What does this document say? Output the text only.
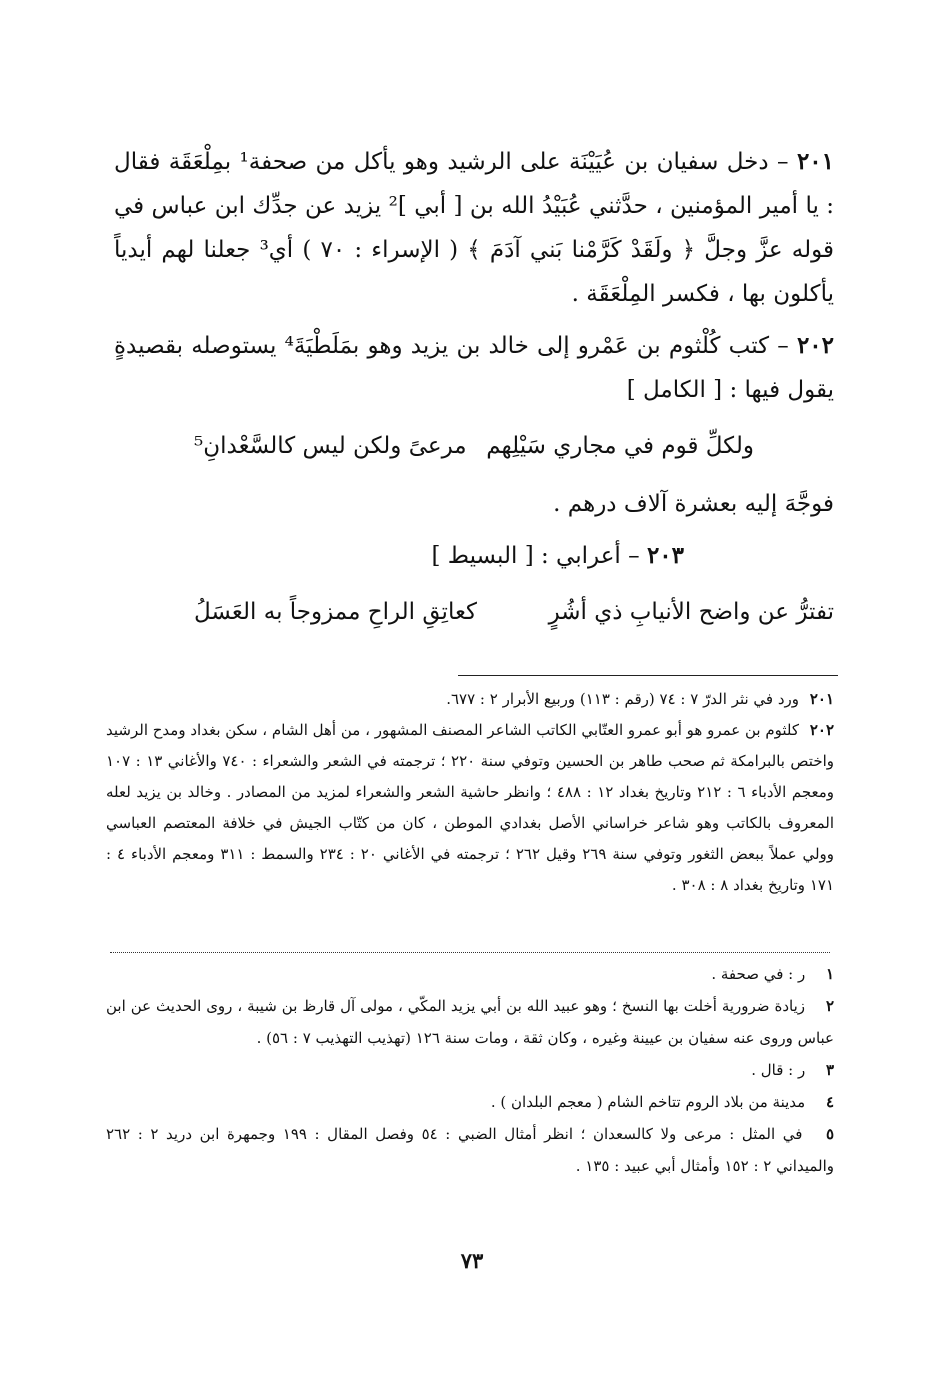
٢٠١ – دخل سفيان بن عُيَيْنَة على الرشيد وهو يأكل من صحفة¹ بمِلْعَقَة فقال : يا أمير المؤمنين ، حدَّثني عُبَيْدُ الله بن [ أبي ]² يزيد عن جدِّك ابن عباس في قوله عزَّ وجلَّ ﴿ ولَقَدْ كَرَّمْنا بَني آدَمَ ﴾ ( الإسراء : ٧٠ ) أي³ جعلنا لهم أيدياً يأكلون بها ، فكسر المِلْعَقَة .

٢٠٢ – كتب كُلْثوم بن عَمْرو إلى خالد بن يزيد وهو بمَلَطْيَةَ⁴ يستوصله بقصيدةٍ يقول فيها : [ الكامل ]

ولكلِّ قوم في مجاري سَيْلِهم
مرعىً ولكن ليس كالسَّعْدانِ⁵

فوجَّهَ إليه بعشرة آلاف درهم .

٢٠٣ – أعرابي : [ البسيط ]

تفترُّ عن واضح الأنيابِ ذي أشُرٍ
كعاتِقِ الراحِ ممزوجاً به العَسَلُ

٢٠١ ورد في نثر الدرّ ٧ : ٧٤ (رقم : ١١٣) وربيع الأبرار ٢ : ٦٧٧.

٢٠٢ كلثوم بن عمرو هو أبو عمرو العتّابي الكاتب الشاعر المصنف المشهور ، من أهل الشام ، سكن بغداد ومدح الرشيد واختص بالبرامكة ثم صحب طاهر بن الحسين وتوفي سنة ٢٢٠ ؛ ترجمته في الشعر والشعراء : ٧٤٠ والأغاني ١٣ : ١٠٧ ومعجم الأدباء ٦ : ٢١٢ وتاريخ بغداد ١٢ : ٤٨٨ ؛ وانظر حاشية الشعر والشعراء لمزيد من المصادر . وخالد بن يزيد لعله المعروف بالكاتب وهو شاعر خراساني الأصل بغدادي الموطن ، كان من كتّاب الجيش في خلافة المعتصم العباسي وولي عملاً ببعض الثغور وتوفي سنة ٢٦٩ وقيل ٢٦٢ ؛ ترجمته في الأغاني ٢٠ : ٢٣٤ والسمط : ٣١١ ومعجم الأدباء ٤ : ١٧١ وتاريخ بغداد ٨ : ٣٠٨ .

١ ر : في صحفة .

٢ زيادة ضرورية أخلت بها النسخ ؛ وهو عبيد الله بن أبي يزيد المكّي ، مولى آل قارظ بن شيبة ، روى الحديث عن ابن عباس وروى عنه سفيان بن عيينة وغيره ، وكان ثقة ، ومات سنة ١٢٦ (تهذيب التهذيب ٧ : ٥٦) .

٣ ر : قال .

٤ مدينة من بلاد الروم تتاخم الشام ( معجم البلدان ) .

٥ في المثل : مرعى ولا كالسعدان ؛ انظر أمثال الضبي : ٥٤ وفصل المقال : ١٩٩ وجمهرة ابن دريد ٢ : ٢٦٢ والميداني ٢ : ١٥٢ وأمثال أبي عبيد : ١٣٥ .

٧٣
